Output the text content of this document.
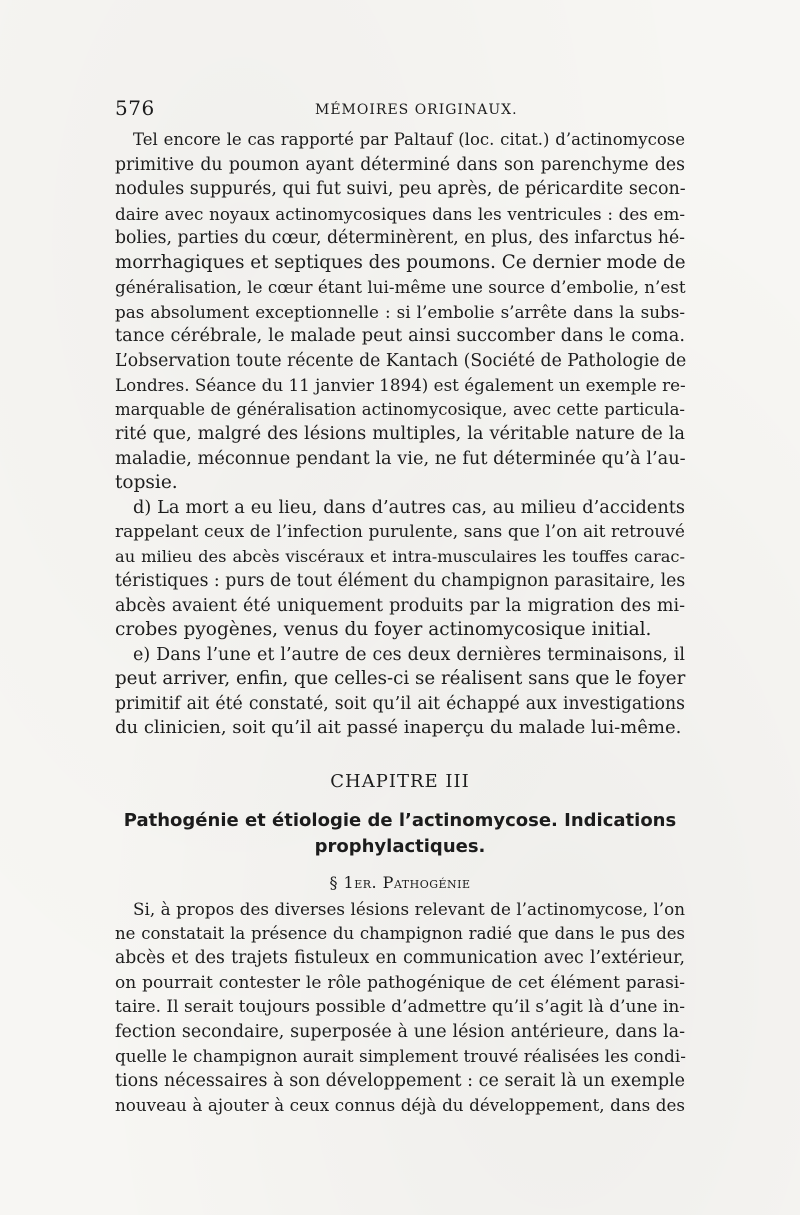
576	MÉMOIRES ORIGINAUX.
Tel encore le cas rapporté par Paltauf (loc. citat.) d’actinomycose
primitive du poumon ayant déterminé dans son parenchyme des
nodules suppurés, qui fut suivi, peu après, de péricardite secon-
daire avec noyaux actinomycosiques dans les ventricules : des em-
bolies, parties du cœur, déterminèrent, en plus, des infarctus hé-
morrhagiques et septiques des poumons. Ce dernier mode de
généralisation, le cœur étant lui-même une source d’embolie, n’est
pas absolument exceptionnelle : si l’embolie s’arrête dans la subs-
tance cérébrale, le malade peut ainsi succomber dans le coma.
L’observation toute récente de Kantach (Société de Pathologie de
Londres. Séance du 11 janvier 1894) est également un exemple re-
marquable de généralisation actinomycosique, avec cette particula-
rité que, malgré des lésions multiples, la véritable nature de la
maladie, méconnue pendant la vie, ne fut déterminée qu’à l’au-
topsie.
d) La mort a eu lieu, dans d’autres cas, au milieu d’accidents
rappelant ceux de l’infection purulente, sans que l’on ait retrouvé
au milieu des abcès viscéraux et intra-musculaires les touffes carac-
téristiques : purs de tout élément du champignon parasitaire, les
abcès avaient été uniquement produits par la migration des mi-
crobes pyogènes, venus du foyer actinomycosique initial.
e) Dans l’une et l’autre de ces deux dernières terminaisons, il
peut arriver, enfin, que celles-ci se réalisent sans que le foyer
primitif ait été constaté, soit qu’il ait échappé aux investigations
du clinicien, soit qu’il ait passé inaperçu du malade lui-même.
CHAPITRE III
Pathogénie et étiologie de l’actinomycose. Indications
prophylactiques.
§ 1er. Pathogénie
Si, à propos des diverses lésions relevant de l’actinomycose, l’on
ne constatait la présence du champignon radié que dans le pus des
abcès et des trajets fistuleux en communication avec l’extérieur,
on pourrait contester le rôle pathogénique de cet élément parasi-
taire. Il serait toujours possible d’admettre qu’il s’agit là d’une in-
fection secondaire, superposée à une lésion antérieure, dans la-
quelle le champignon aurait simplement trouvé réalisées les condi-
tions nécessaires à son développement : ce serait là un exemple
nouveau à ajouter à ceux connus déjà du développement, dans des
